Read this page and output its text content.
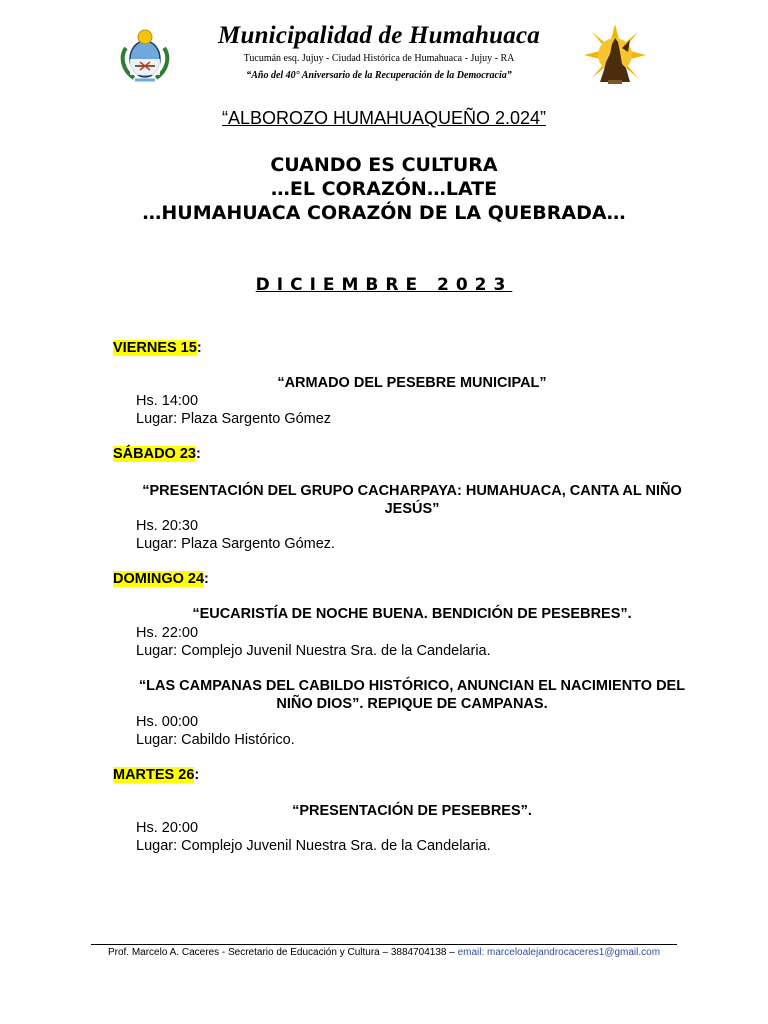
Municipalidad de Humahuaca
Tucumán esq. Jujuy - Ciudad Histórica de Humahuaca - Jujuy - RA
“Año del 40° Aniversario de la Recuperación de la Democracia”
“ALBOROZO HUMAHUAQUEÑO 2.024”
CUANDO ES CULTURA
…EL CORAZÓN…LATE
…HUMAHUACA CORAZÓN DE LA QUEBRADA…
DICIEMBRE 2023
VIERNES 15:
“ARMADO DEL PESEBRE MUNICIPAL”
Hs. 14:00
Lugar: Plaza Sargento Gómez
SÁBADO 23:
“PRESENTACIÓN DEL GRUPO CACHARPAYA: HUMAHUACA, CANTA AL NIÑO JESÚS”
Hs. 20:30
Lugar: Plaza Sargento Gómez.
DOMINGO 24:
“EUCARISTÍA DE NOCHE BUENA. BENDICIÓN DE PESEBRES”.
Hs. 22:00
Lugar: Complejo Juvenil Nuestra Sra. de la Candelaria.
“LAS CAMPANAS DEL CABILDO HISTÓRICO, ANUNCIAN EL NACIMIENTO DEL NIÑO DIOS”. REPIQUE DE CAMPANAS.
Hs. 00:00
Lugar: Cabildo Histórico.
MARTES 26:
“PRESENTACIÓN DE PESEBRES”.
Hs. 20:00
Lugar: Complejo Juvenil Nuestra Sra. de la Candelaria.
Prof. Marcelo A. Caceres - Secretario de Educación y Cultura – 3884704138 – email: marceloalejandrocaceres1@gmail.com
